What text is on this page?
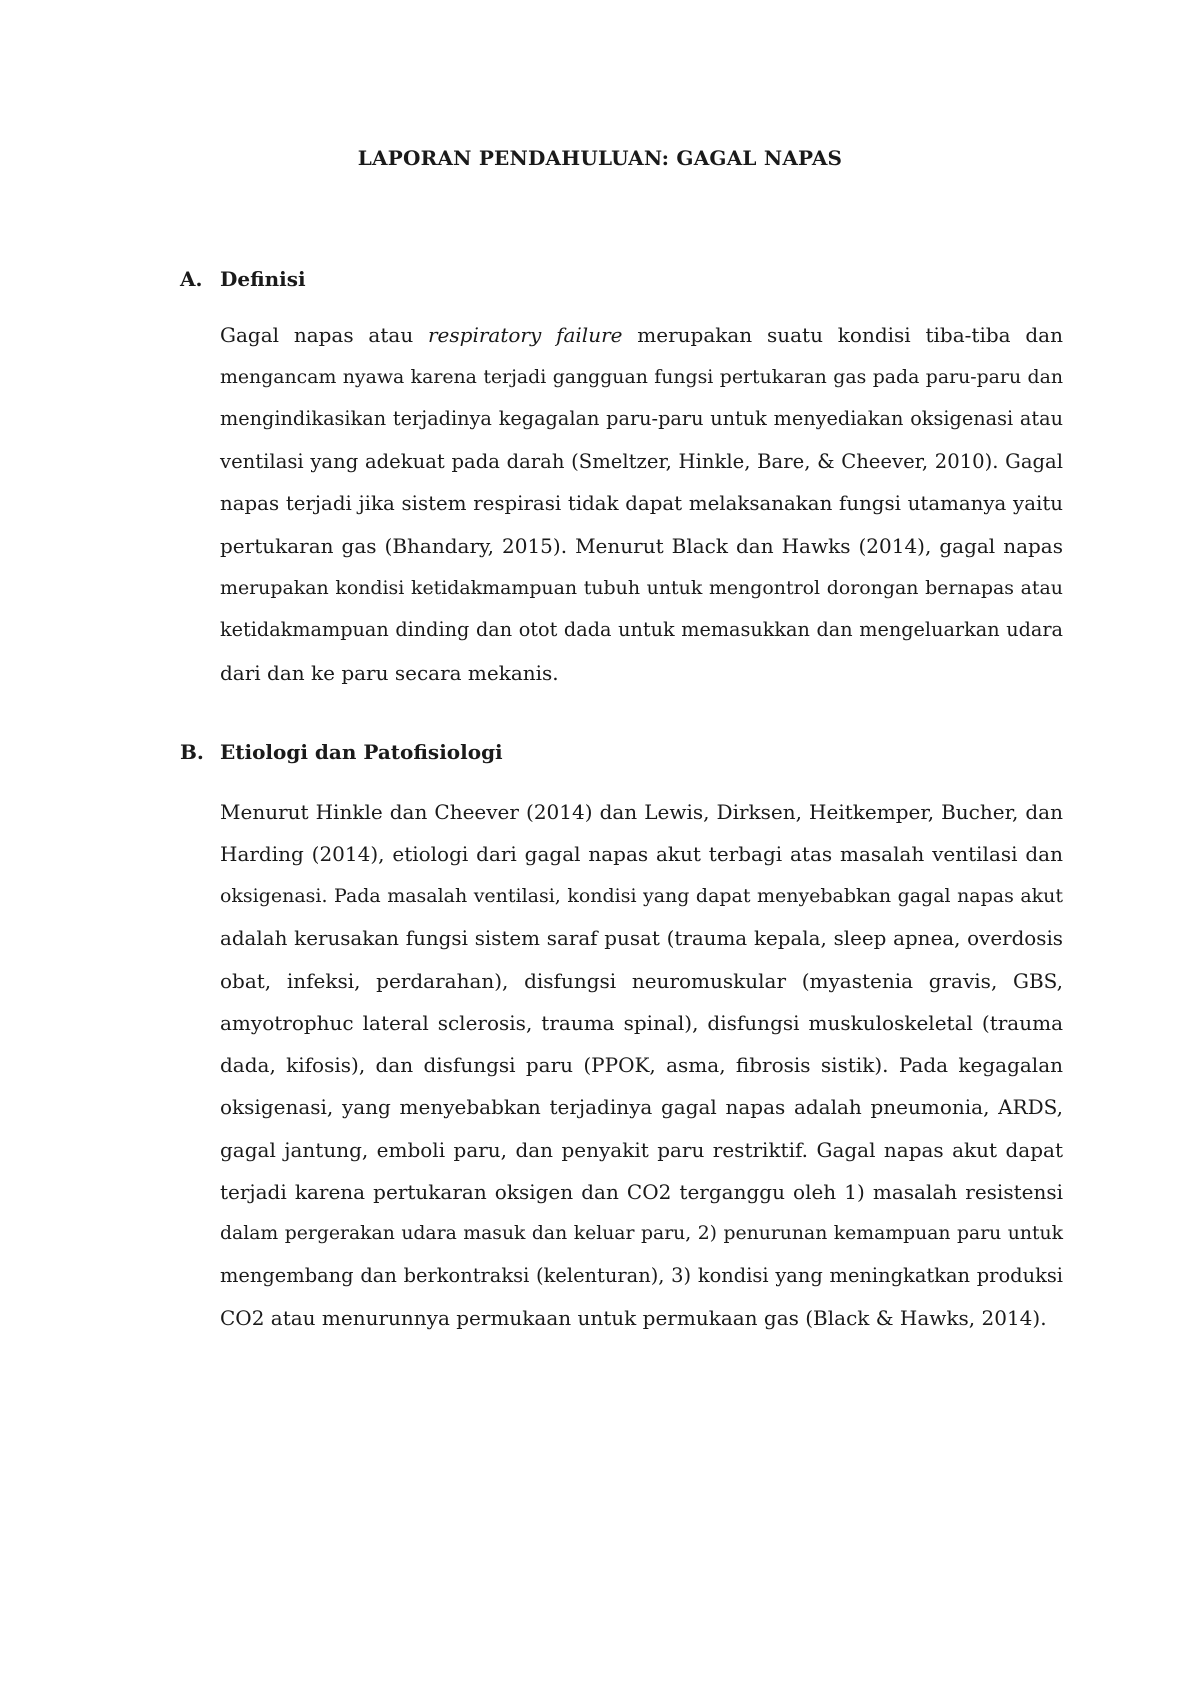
LAPORAN PENDAHULUAN: GAGAL NAPAS
A. Definisi
Gagal napas atau respiratory failure merupakan suatu kondisi tiba-tiba dan
mengancam nyawa karena terjadi gangguan fungsi pertukaran gas pada paru-paru dan
mengindikasikan terjadinya kegagalan paru-paru untuk menyediakan oksigenasi atau
ventilasi yang adekuat pada darah (Smeltzer, Hinkle, Bare, & Cheever, 2010). Gagal
napas terjadi jika sistem respirasi tidak dapat melaksanakan fungsi utamanya yaitu
pertukaran gas (Bhandary, 2015). Menurut Black dan Hawks (2014), gagal napas
merupakan kondisi ketidakmampuan tubuh untuk mengontrol dorongan bernapas atau
ketidakmampuan dinding dan otot dada untuk memasukkan dan mengeluarkan udara
dari dan ke paru secara mekanis.
B. Etiologi dan Patofisiologi
Menurut Hinkle dan Cheever (2014) dan Lewis, Dirksen, Heitkemper, Bucher, dan
Harding (2014), etiologi dari gagal napas akut terbagi atas masalah ventilasi dan
oksigenasi. Pada masalah ventilasi, kondisi yang dapat menyebabkan gagal napas akut
adalah kerusakan fungsi sistem saraf pusat (trauma kepala, sleep apnea, overdosis
obat, infeksi, perdarahan), disfungsi neuromuskular (myastenia gravis, GBS,
amyotrophuc lateral sclerosis, trauma spinal), disfungsi muskuloskeletal (trauma
dada, kifosis), dan disfungsi paru (PPOK, asma, fibrosis sistik). Pada kegagalan
oksigenasi, yang menyebabkan terjadinya gagal napas adalah pneumonia, ARDS,
gagal jantung, emboli paru, dan penyakit paru restriktif. Gagal napas akut dapat
terjadi karena pertukaran oksigen dan CO2 terganggu oleh 1) masalah resistensi
dalam pergerakan udara masuk dan keluar paru, 2) penurunan kemampuan paru untuk
mengembang dan berkontraksi (kelenturan), 3) kondisi yang meningkatkan produksi
CO2 atau menurunnya permukaan untuk permukaan gas (Black & Hawks, 2014).
